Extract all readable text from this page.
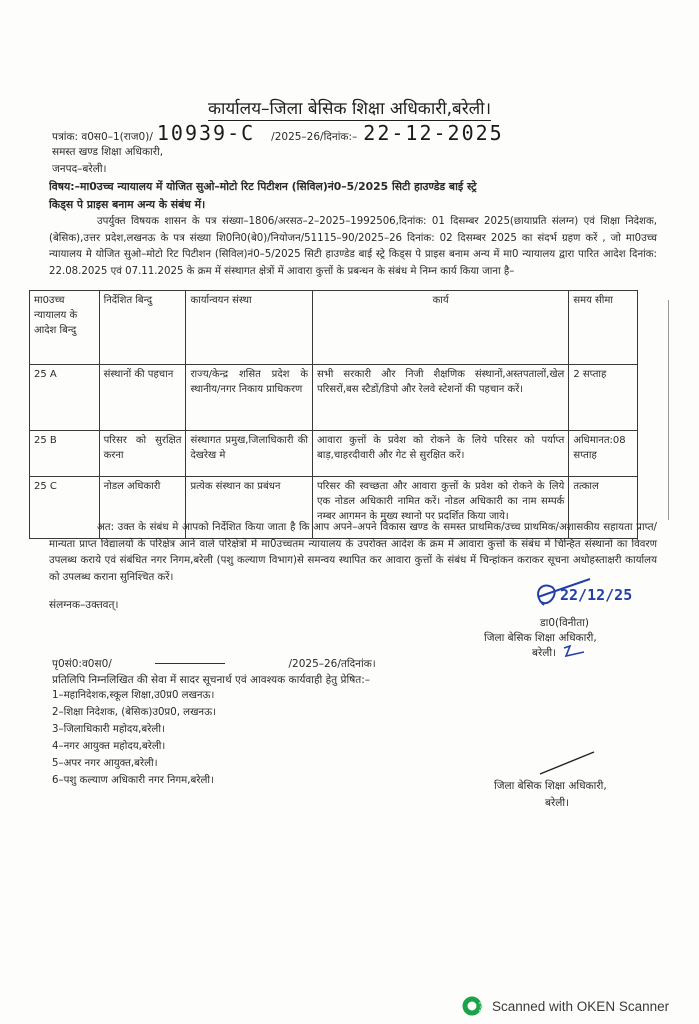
कार्यालय–जिला बेसिक शिक्षा अधिकारी,बरेली।
पत्रांक: व0स0–1(राज0)/ 10939-C /2025–26/दिनांक:– 22-12-2025
समस्त खण्ड शिक्षा अधिकारी,
जनपद–बरेली।
विषय:–मा0उच्च न्यायालय में योजित सुओ–मोटो रिट पिटीशन (सिविल)नं0–5/2025 सिटी हाउण्डेड बाई स्ट्रे
किड्स पे प्राइस बनाम अन्य के संबंध में।
उपर्युक्त विषयक शासन के पत्र संख्या–1806/अरसठ–2–2025–1992506,दिनांक: 01 दिसम्बर 2025(छायाप्रति संलग्न) एवं शिक्षा निदेशक, (बेसिक),उत्तर प्रदेश,लखनऊ के पत्र संख्या शि0नि0(बे0)/नियोजन/51115–90/2025–26 दिनांक: 02 दिसम्बर 2025 का संदर्भ ग्रहण करें , जो मा0उच्च न्यायालय मे योजित सुओ–मोटो रिट पिटीशन (सिविल)नं0–5/2025 सिटी हाउण्डेड बाई स्ट्रे किड्स पे प्राइस बनाम अन्य में मा0 न्यायालय द्वारा पारित आदेश दिनांक: 22.08.2025 एवं 07.11.2025 के क्रम में संस्थागत क्षेत्रों में आवारा कुत्तों के प्रबन्धन के संबंध मे निम्न कार्य किया जाना है–
मा0उच्च न्यायालय के आदेश बिन्दु	निर्देशित बिन्दु	कार्यान्वयन संस्था	कार्य	समय सीमा
25 A	संस्थानों की पहचान	राज्य/केन्द्र शसित प्रदेश के स्थानीय/नगर निकाय प्राधिकरण	सभी सरकारी और निजी शैक्षणिक संस्थानों,अस्तपतालों,खेल परिसरों,बस स्टैडों/डिपो और रेलवे स्टेशनों की पहचान करें।	2 सप्ताह
25 B	परिसर को सुरक्षित करना	संस्थागत प्रमुख,जिलाधिकारी की देखरेख मे	आवारा कुत्तों के प्रवेश को रोकने के लिये परिसर को पर्याप्त बाड़,चाहरदीवारी और गेट से सुरक्षित करें।	अधिमानत:08 सप्ताह
25 C	नोडल अधिकारी	प्रत्येक संस्थान का प्रबंधन	परिसर की स्वच्छता और आवारा कुत्तों के प्रवेश को रोकने के लिये एक नोडल अधिकारी नामित करें। नोडल अधिकारी का नाम सम्पर्क नम्बर आगमन के मुख्य स्थानो पर प्रदर्शित किया जाये।	तत्काल
अत: उक्त के संबंध मे आपको निर्देशित किया जाता है कि आप अपने–अपने विकास खण्ड के समस्त प्राथमिक/उच्च प्राथमिक/अशासकीय सहायता प्राप्त/मान्यता प्राप्त विद्यालयों के परिक्षेत्र आने वाले परिक्षेत्रों में मा0उच्चतम न्यायालय के उपरोक्त आदेश के क्रम में आवारा कुत्तों के संबंध में चिन्हित संस्थानों का विवरण उपलब्ध कराये एवं संबंधित नगर निगम,बरेली (पशु कल्याण विभाग)से समन्वय स्थापित कर आवारा कुत्तों के संबंध में चिन्हांकन कराकर सूचना अधोहस्ताक्षरी कार्यालय को उपलब्ध कराना सुनिश्चित करें।
संलग्नक–उक्तवत्।
22/12/25
डा0(विनीता)
जिला बेसिक शिक्षा अधिकारी,
बरेली।
पृ0सं0:व0स0/	/2025–26/तदिनांक।
प्रतिलिपि निम्नलिखित की सेवा में सादर सूचनार्थ एवं आवश्यक कार्यवाही हेतु प्रेषित:–
1–महानिदेशक,स्कूल शिक्षा,उ0प्र0 लखनऊ।
2–शिक्षा निदेशक, (बेसिक)उ0प्र0, लखनऊ।
3–जिलाधिकारी महोदय,बरेली।
4–नगर आयुक्त महोदय,बरेली।
5–अपर नगर आयुक्त,बरेली।
6–पशु कल्याण अधिकारी नगर निगम,बरेली।	जिला बेसिक शिक्षा अधिकारी,
बरेली।
Scanned with OKEN Scanner
